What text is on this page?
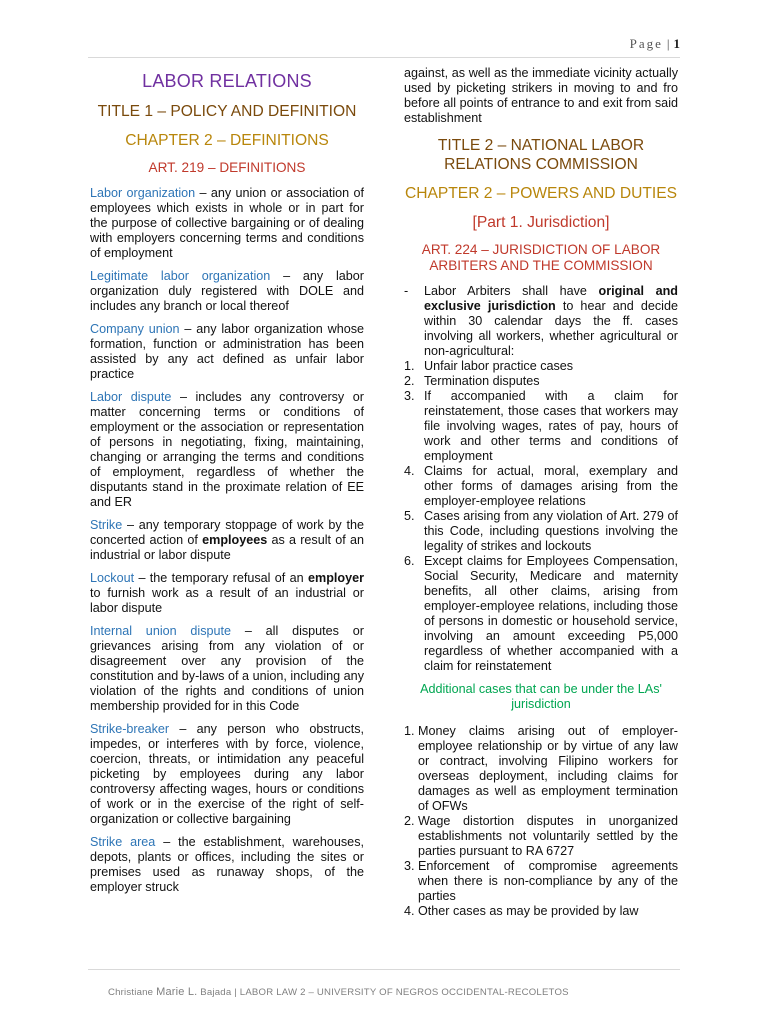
Page | 1
LABOR RELATIONS
TITLE 1 – POLICY AND DEFINITION
CHAPTER 2 – DEFINITIONS
ART. 219 – DEFINITIONS
Labor organization – any union or association of employees which exists in whole or in part for the purpose of collective bargaining or of dealing with employers concerning terms and conditions of employment
Legitimate labor organization – any labor organization duly registered with DOLE and includes any branch or local thereof
Company union – any labor organization whose formation, function or administration has been assisted by any act defined as unfair labor practice
Labor dispute – includes any controversy or matter concerning terms or conditions of employment or the association or representation of persons in negotiating, fixing, maintaining, changing or arranging the terms and conditions of employment, regardless of whether the disputants stand in the proximate relation of EE and ER
Strike – any temporary stoppage of work by the concerted action of employees as a result of an industrial or labor dispute
Lockout – the temporary refusal of an employer to furnish work as a result of an industrial or labor dispute
Internal union dispute – all disputes or grievances arising from any violation of or disagreement over any provision of the constitution and by-laws of a union, including any violation of the rights and conditions of union membership provided for in this Code
Strike-breaker – any person who obstructs, impedes, or interferes with by force, violence, coercion, threats, or intimidation any peaceful picketing by employees during any labor controversy affecting wages, hours or conditions of work or in the exercise of the right of self-organization or collective bargaining
Strike area – the establishment, warehouses, depots, plants or offices, including the sites or premises used as runaway shops, of the employer struck
against, as well as the immediate vicinity actually used by picketing strikers in moving to and fro before all points of entrance to and exit from said establishment
TITLE 2 – NATIONAL LABOR RELATIONS COMMISSION
CHAPTER 2 – POWERS AND DUTIES
[Part 1. Jurisdiction]
ART. 224 – JURISDICTION OF LABOR ARBITERS AND THE COMMISSION
-	Labor Arbiters shall have original and exclusive jurisdiction to hear and decide within 30 calendar days the ff. cases involving all workers, whether agricultural or non-agricultural:
1. Unfair labor practice cases
2. Termination disputes
3. If accompanied with a claim for reinstatement, those cases that workers may file involving wages, rates of pay, hours of work and other terms and conditions of employment
4. Claims for actual, moral, exemplary and other forms of damages arising from the employer-employee relations
5. Cases arising from any violation of Art. 279 of this Code, including questions involving the legality of strikes and lockouts
6. Except claims for Employees Compensation, Social Security, Medicare and maternity benefits, all other claims, arising from employer-employee relations, including those of persons in domestic or household service, involving an amount exceeding P5,000 regardless of whether accompanied with a claim for reinstatement
Additional cases that can be under the LAs' jurisdiction
1. Money claims arising out of employer-employee relationship or by virtue of any law or contract, involving Filipino workers for overseas deployment, including claims for damages as well as employment termination of OFWs
2. Wage distortion disputes in unorganized establishments not voluntarily settled by the parties pursuant to RA 6727
3. Enforcement of compromise agreements when there is non-compliance by any of the parties
4. Other cases as may be provided by law
Christiane Marie L. Bajada | LABOR LAW 2 – UNIVERSITY OF NEGROS OCCIDENTAL-RECOLETOS
